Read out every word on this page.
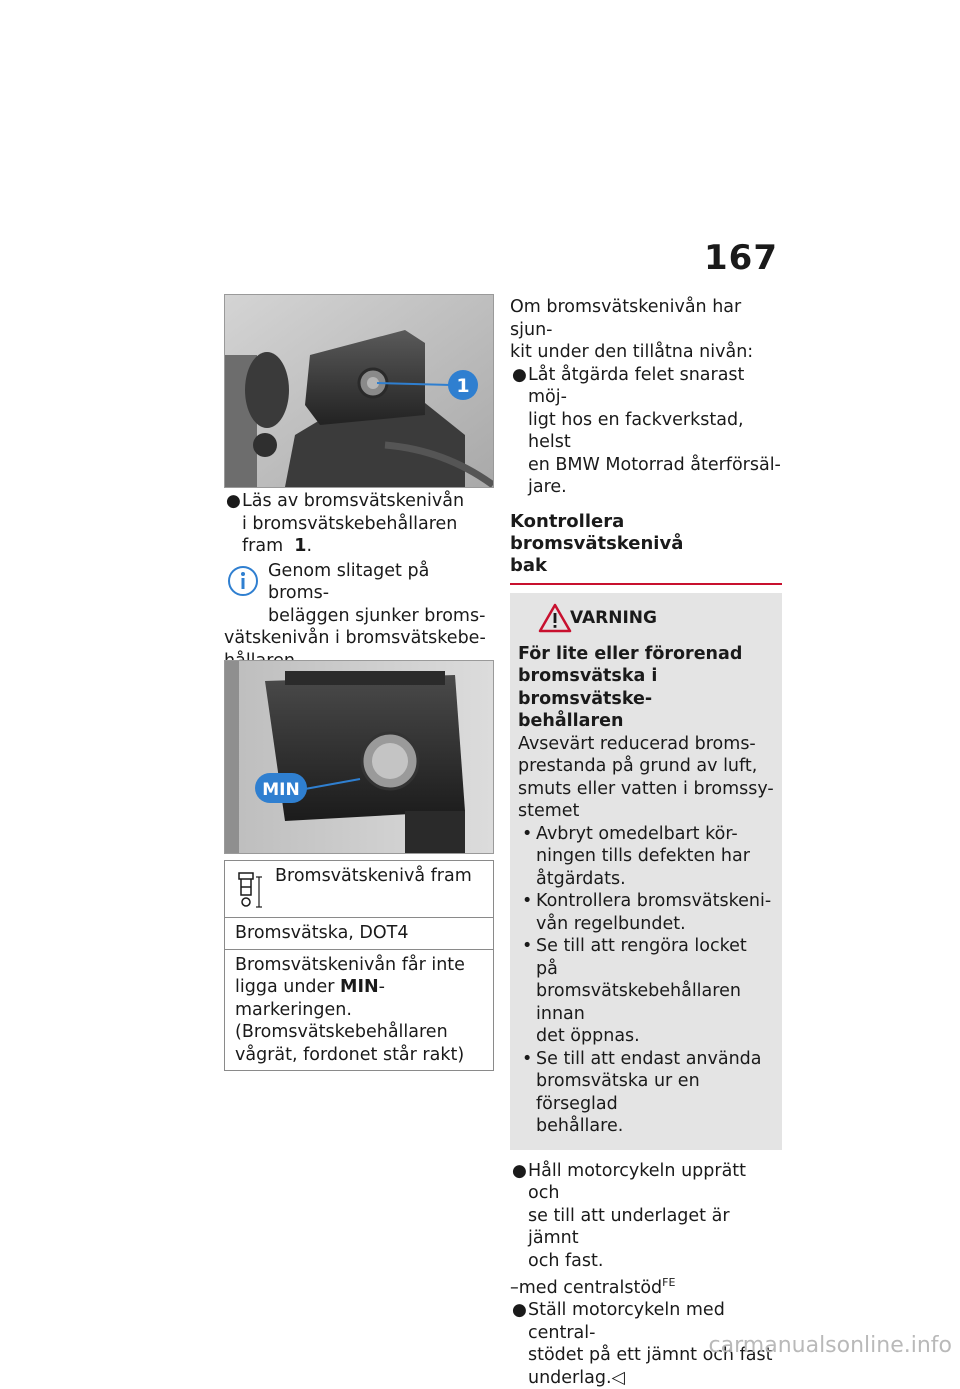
167
1
● Läs av bromsvätskenivån
i bromsvätskebehållaren
fram 1.
Genom slitaget på broms-
beläggen sjunker broms-
vätskenivån i bromsvätskebe-
MIN
Bromsvätskenivå fram

Bromsvätska, DOT4

Bromsvätskenivån får inte
ligga under MIN-markeringen.
(Bromsvätskebehållaren
vågrät, fordonet står rakt)
Om bromsvätskenivån har sjun-
kit under den tillåtna nivån:
● Låt åtgärda felet snarast möj-
ligt hos en fackverkstad, helst
en BMW Motorrad återförsäl-
jare.
Kontrollera bromsvätskenivå
bak
VARNING
För lite eller förorenad
bromsvätska i bromsvätske-
behållaren
Avsevärt reducerad broms-
prestanda på grund av luft,
smuts eller vatten i bromssy-
stemet
• Avbryt omedelbart kör-
ningen tills defekten har
åtgärdats.
• Kontrollera bromsvätskeni-
vån regelbundet.
• Se till att rengöra locket på
bromsvätskebehållaren innan
det öppnas.
• Se till att endast använda
bromsvätska ur en förseglad
behållare.
● Håll motorcykeln upprätt och
se till att underlaget är jämnt
och fast.
–med centralstöd$^{FE}$
● Ställ motorcykeln med central-
stödet på ett jämnt och fast
underlag.◁
carmanualsonline.info
